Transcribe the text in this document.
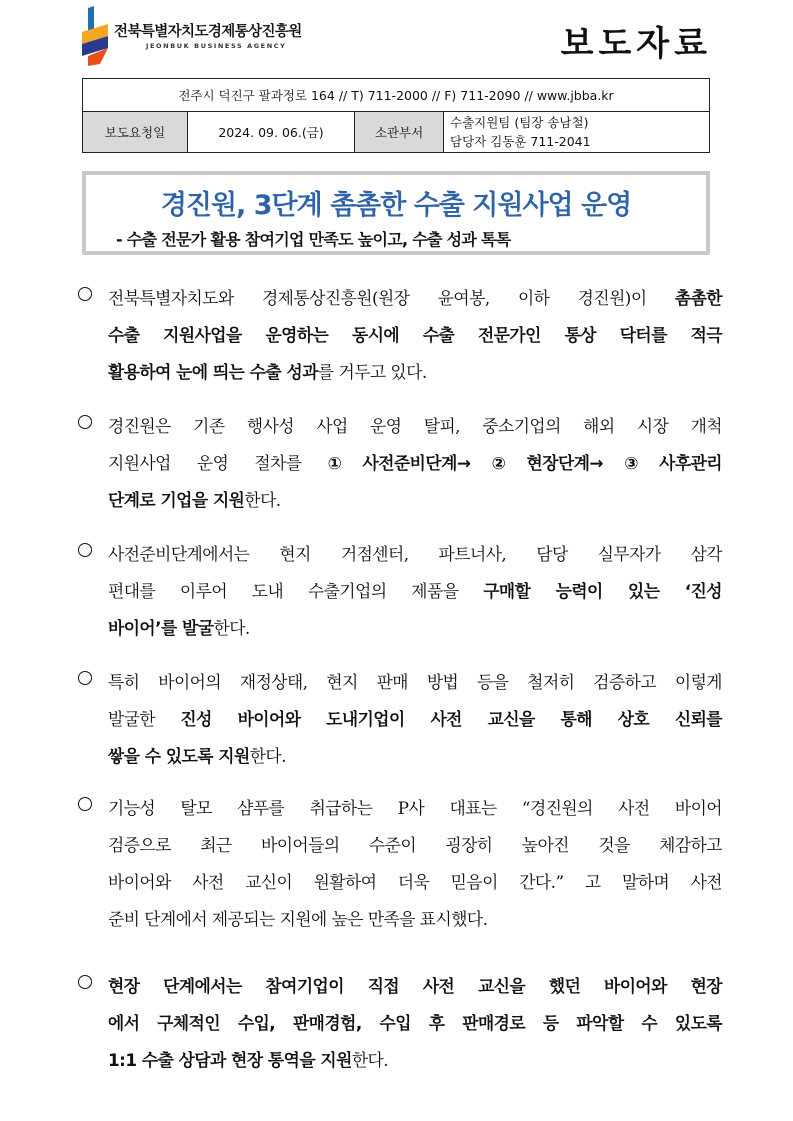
전북특별자치도경제통상진흥원
JEONBUK BUSINESS AGENCY	보도자료
전주시 덕진구 팔과정로 164 // T) 711-2000 // F) 711-2090 // www.jbba.kr
보도요청일	2024. 09. 06.(금)	소관부서	
수출지원팀 (팀장 송남철)
담당자 김동훈 711-2041
경진원, 3단계 촘촘한 수출 지원사업 운영
- 수출 전문가 활용 참여기업 만족도 높이고, 수출 성과 톡톡
전북특별자치도와 경제통상진흥원(원장 윤여봉, 이하 경진원)이 촘촘한
수출 지원사업을 운영하는 동시에 수출 전문가인 통상 닥터를 적극
활용하여 눈에 띄는 수출 성과를 거두고 있다.
경진원은 기존 행사성 사업 운영 탈피, 중소기업의 해외 시장 개척
지원사업 운영 절차를 ①사전준비단계→②현장단계→③사후관리
단계로 기업을 지원한다.
사전준비단계에서는 현지 거점센터, 파트너사, 담당 실무자가 삼각
편대를 이루어 도내 수출기업의 제품을 구매할 능력이 있는 ‘진성
바이어’를 발굴한다.
특히 바이어의 재정상태, 현지 판매 방법 등을 철저히 검증하고 이렇게
발굴한 진성 바이어와 도내기업이 사전 교신을 통해 상호 신뢰를
쌓을 수 있도록 지원한다.
기능성 탈모 샴푸를 취급하는 P사 대표는 “경진원의 사전 바이어
검증으로 최근 바이어들의 수준이 굉장히 높아진 것을 체감하고
바이어와 사전 교신이 원활하여 더욱 믿음이 간다.” 고 말하며 사전
준비 단계에서 제공되는 지원에 높은 만족을 표시했다.
현장 단계에서는 참여기업이 직접 사전 교신을 했던 바이어와 현장
에서 구체적인 수입, 판매경험, 수입 후 판매경로 등 파악할 수 있도록
1:1 수출 상담과 현장 통역을 지원한다.
